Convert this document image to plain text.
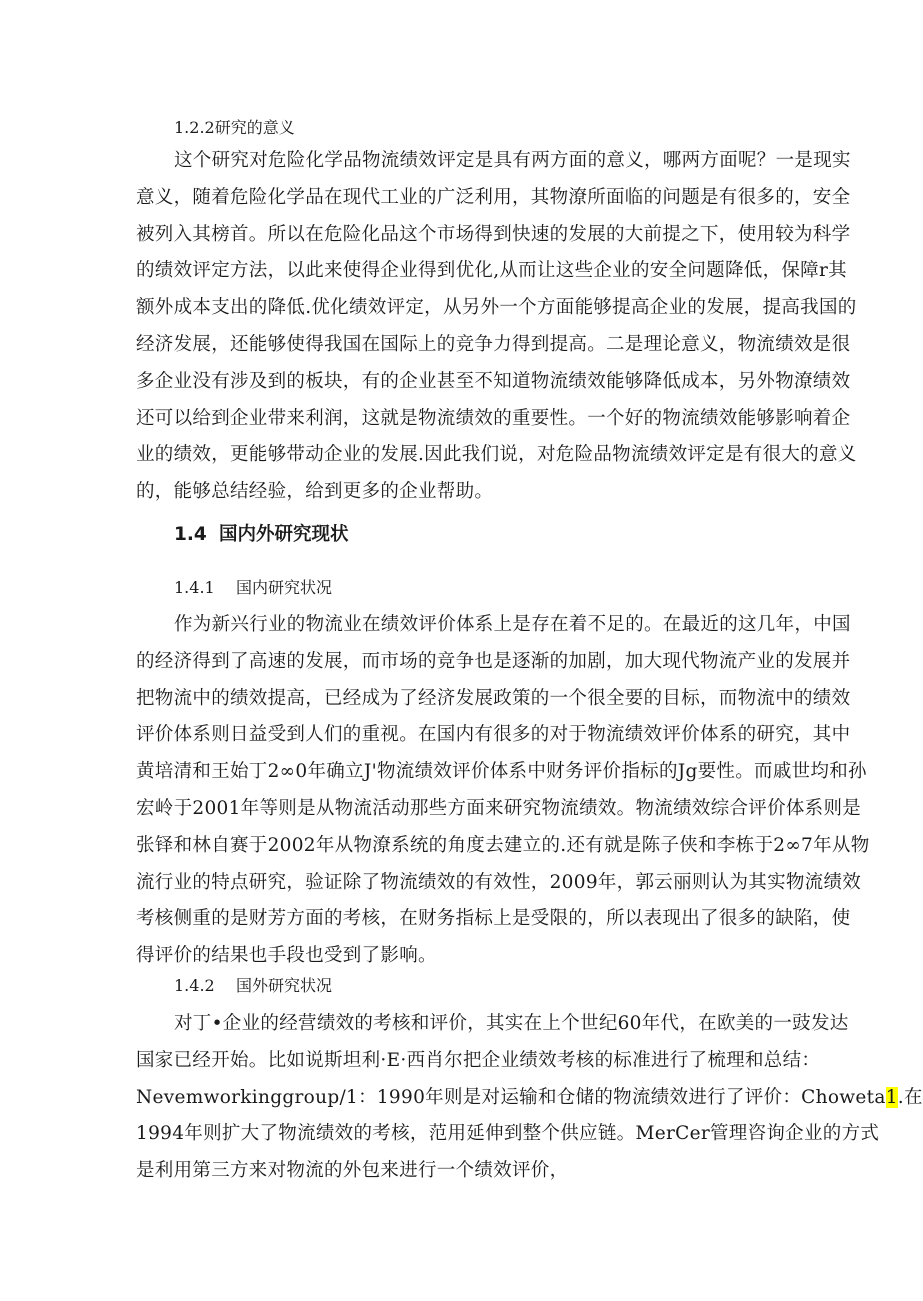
1.2.2研究的意义
这个研究对危险化学品物流绩效评定是具有两方面的意义，哪两方面呢？一是现实
意义，随着危险化学品在现代工业的广泛利用，其物潦所面临的问题是有很多的，安全
被列入其榜首。所以在危险化品这个市场得到快速的发展的大前提之下，使用较为科学
的绩效评定方法，以此来使得企业得到优化,从而让这些企业的安全问题降低，保障r其
额外成本支出的降低.优化绩效评定，从另外一个方面能够提高企业的发展，提高我国的
经济发展，还能够使得我国在国际上的竞争力得到提高。二是理论意义，物流绩效是很
多企业没有涉及到的板块，有的企业甚至不知道物流绩效能够降低成本，另外物潦绩效
还可以给到企业带来利润，这就是物流绩效的重要性。一个好的物流绩效能够影响着企
业的绩效，更能够带动企业的发展.因此我们说，对危险品物流绩效评定是有很大的意义
的，能够总结经验，给到更多的企业帮助。
1.4 国内外研究现状
1.4.1 国内研究状况
作为新兴行业的物流业在绩效评价体系上是存在着不足的。在最近的这几年，中国
的经济得到了高速的发展，而市场的竞争也是逐渐的加剧，加大现代物流产业的发展并
把物流中的绩效提高，已经成为了经济发展政策的一个很全要的目标，而物流中的绩效
评价体系则日益受到人们的重视。在国内有很多的对于物流绩效评价体系的研究，其中
黄培清和王始丁2∞0年确立J'物流绩效评价体系中财务评价指标的Jg要性。而戚世均和孙
宏岭于2001年等则是从物流活动那些方面来研究物流绩效。物流绩效综合评价体系则是
张铎和林自赛于2002年从物潦系统的角度去建立的.还有就是陈子侠和李栋于2∞7年从物
流行业的特点研究，验证除了物流绩效的有效性，2009年，郭云丽则认为其实物流绩效
考核侧重的是财芳方面的考核，在财务指标上是受限的，所以表现出了很多的缺陷，使
得评价的结果也手段也受到了影响。
1.4.2 国外研究状况
对丁•企业的经营绩效的考核和评价，其实在上个世纪60年代，在欧美的一豉发达
国家已经开始。比如说斯坦利·E·西肖尔把企业绩效考核的标准进行了梳理和总结：
Nevemworkinggroup/1：1990年则是对运输和仓储的物流绩效进行了评价：Choweta1.在
1994年则扩大了物流绩效的考核，范用延伸到整个供应链。MerCer管理咨询企业的方式
是利用第三方来对物流的外包来进行一个绩效评价，
